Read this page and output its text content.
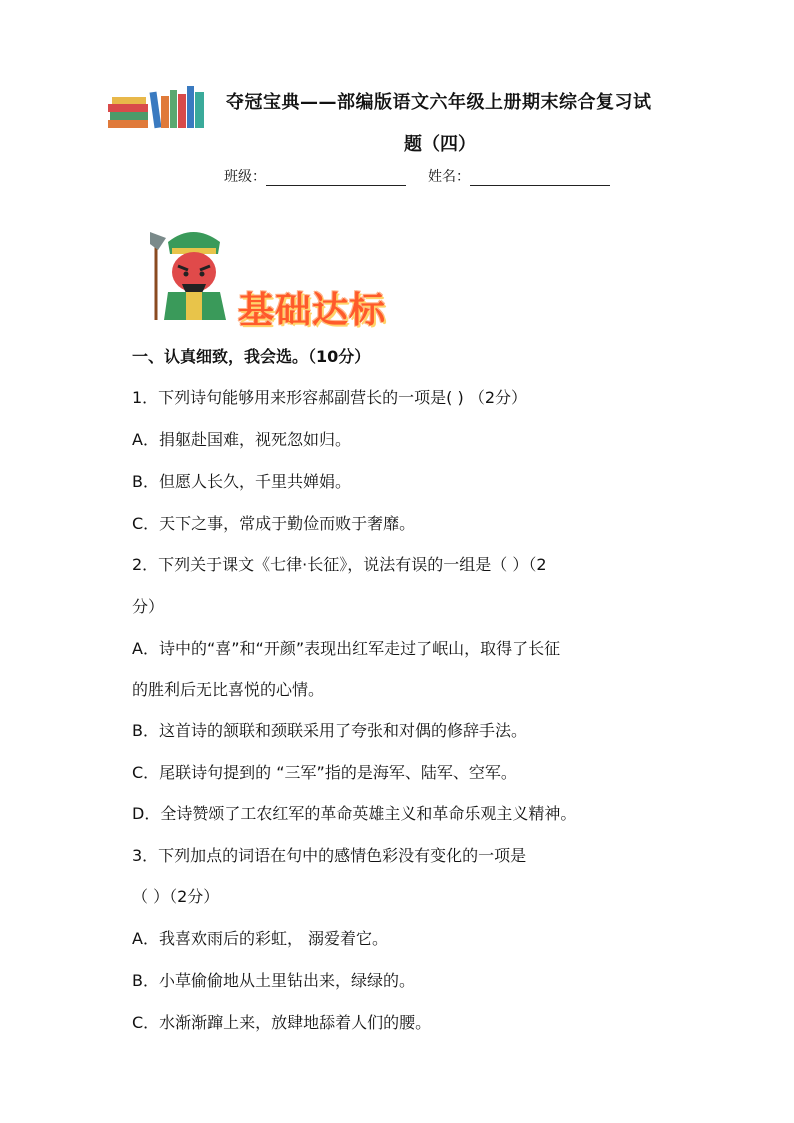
夺冠宝典——部编版语文六年级上册期末综合复习试
题（四）
班级：	姓名：
基础达标
一、认真细致，我会选。（10分）
1．下列诗句能够用来形容郝副营长的一项是( ) （2分）
A．捐躯赴国难，视死忽如归。
B．但愿人长久，千里共婵娟。
C．天下之事，常成于勤俭而败于奢靡。
2．下列关于课文《七律·长征》，说法有误的一组是（ ）（2
分）
A．诗中的“喜”和“开颜”表现出红军走过了岷山，取得了长征
的胜利后无比喜悦的心情。
B．这首诗的颔联和颈联采用了夸张和对偶的修辞手法。
C．尾联诗句提到的 “三军”指的是海军、陆军、空军。
D．全诗赞颂了工农红军的革命英雄主义和革命乐观主义精神。
3．下列加点的词语在句中的感情色彩没有变化的一项是
（ ）（2分）
A．我喜欢雨后的彩虹， 溺爱着它。
B．小草偷偷地从土里钻出来，绿绿的。
C．水渐渐蹿上来，放肆地舔着人们的腰。
